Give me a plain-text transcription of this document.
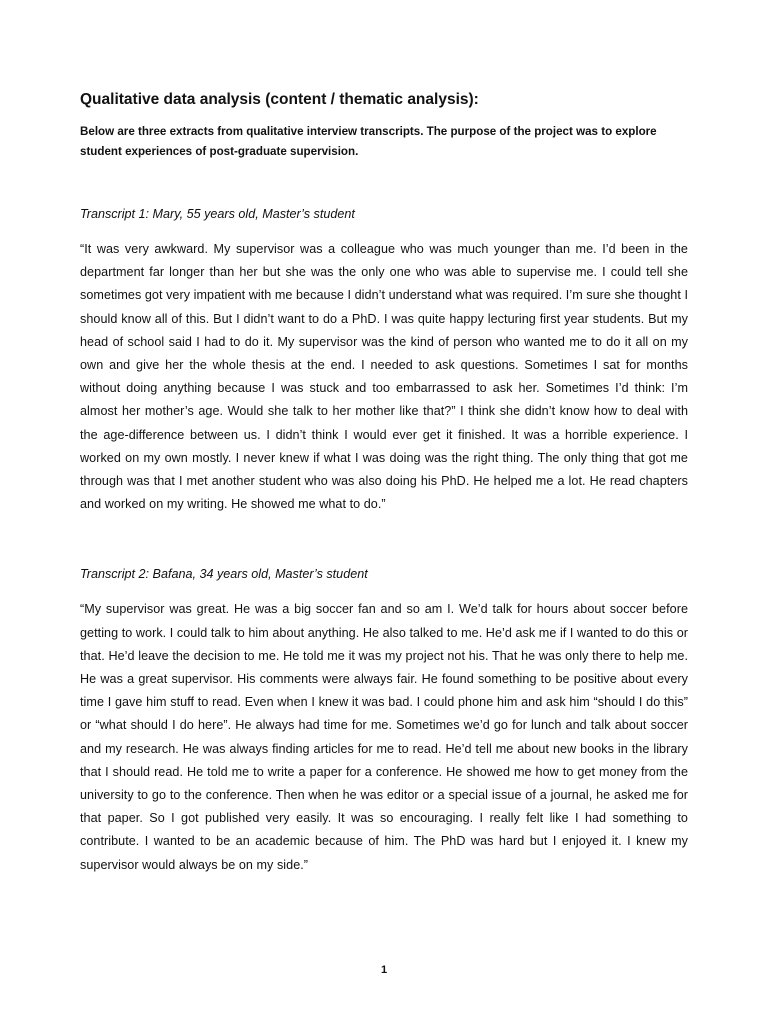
Qualitative data analysis (content / thematic analysis):

Below are three extracts from qualitative interview transcripts. The purpose of the project was to explore student experiences of post-graduate supervision.

Transcript 1: Mary, 55 years old, Master’s student

“It was very awkward. My supervisor was a colleague who was much younger than me. I’d been in the department far longer than her but she was the only one who was able to supervise me. I could tell she sometimes got very impatient with me because I didn’t understand what was required. I’m sure she thought I should know all of this. But I didn’t want to do a PhD. I was quite happy lecturing first year students. But my head of school said I had to do it. My supervisor was the kind of person who wanted me to do it all on my own and give her the whole thesis at the end. I needed to ask questions. Sometimes I sat for months without doing anything because I was stuck and too embarrassed to ask her. Sometimes I’d think: I’m almost her mother’s age. Would she talk to her mother like that?” I think she didn’t know how to deal with the age-difference between us. I didn’t think I would ever get it finished. It was a horrible experience. I worked on my own mostly. I never knew if what I was doing was the right thing. The only thing that got me through was that I met another student who was also doing his PhD. He helped me a lot. He read chapters and worked on my writing. He showed me what to do.”

Transcript 2: Bafana, 34 years old, Master’s student

“My supervisor was great. He was a big soccer fan and so am I. We’d talk for hours about soccer before getting to work. I could talk to him about anything. He also talked to me. He’d ask me if I wanted to do this or that. He’d leave the decision to me. He told me it was my project not his. That he was only there to help me. He was a great supervisor. His comments were always fair. He found something to be positive about every time I gave him stuff to read. Even when I knew it was bad. I could phone him and ask him “should I do this” or “what should I do here”. He always had time for me. Sometimes we’d go for lunch and talk about soccer and my research. He was always finding articles for me to read. He’d tell me about new books in the library that I should read. He told me to write a paper for a conference. He showed me how to get money from the university to go to the conference. Then when he was editor or a special issue of a journal, he asked me for that paper. So I got published very easily. It was so encouraging. I really felt like I had something to contribute. I wanted to be an academic because of him. The PhD was hard but I enjoyed it. I knew my supervisor would always be on my side.”

1
